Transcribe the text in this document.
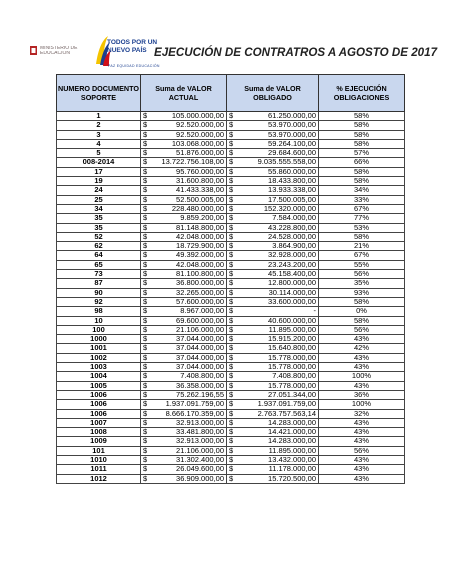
MINISTERIO DE
EDUCACIÓN
TODOS POR UN
NUEVO PAÍS
PAZ EQUIDAD EDUCACIÓN
EJECUCIÓN DE CONTRATROS A AGOSTO DE 2017
NUMERO DOCUMENTO SOPORTE	Suma de VALOR ACTUAL	Suma de VALOR OBLIGADO	% EJECUCIÓN OBLIGACIONES
1	$ 105.000.000,00	$ 61.250.000,00	58%
2	$ 92.520.000,00	$ 53.970.000,00	58%
3	$ 92.520.000,00	$ 53.970.000,00	58%
4	$ 103.068.000,00	$ 59.264.100,00	58%
5	$ 51.876.000,00	$ 29.684.600,00	57%
008-2014	$ 13.722.756.108,00	$ 9.035.555.558,00	66%
17	$ 95.760.000,00	$ 55.860.000,00	58%
19	$ 31.600.800,00	$ 18.433.800,00	58%
24	$ 41.433.338,00	$ 13.933.338,00	34%
25	$ 52.500.005,00	$ 17.500.005,00	33%
34	$ 228.480.000,00	$ 152.320.000,00	67%
35	$ 9.859.200,00	$ 7.584.000,00	77%
35	$ 81.148.800,00	$ 43.228.800,00	53%
52	$ 42.048.000,00	$ 24.528.000,00	58%
62	$ 18.729.900,00	$ 3.864.900,00	21%
64	$ 49.392.000,00	$ 32.928.000,00	67%
65	$ 42.048.000,00	$ 23.243.200,00	55%
73	$ 81.100.800,00	$ 45.158.400,00	56%
87	$ 36.800.000,00	$ 12.800.000,00	35%
90	$ 32.265.000,00	$ 30.114.000,00	93%
92	$ 57.600.000,00	$ 33.600.000,00	58%
98	$ 8.967.000,00	$ -	0%
10	$ 69.600.000,00	$ 40.600.000,00	58%
100	$ 21.106.000,00	$ 11.895.000,00	56%
1000	$ 37.044.000,00	$ 15.915.200,00	43%
1001	$ 37.044.000,00	$ 15.640.800,00	42%
1002	$ 37.044.000,00	$ 15.778.000,00	43%
1003	$ 37.044.000,00	$ 15.778.000,00	43%
1004	$ 7.408.800,00	$ 7.408.800,00	100%
1005	$ 36.358.000,00	$ 15.778.000,00	43%
1006	$ 75.262.196,55	$ 27.051.344,00	36%
1006	$ 1.937.091.759,00	$ 1.937.091.759,00	100%
1006	$ 8.666.170.359,00	$ 2.763.757.563,14	32%
1007	$ 32.913.000,00	$ 14.283.000,00	43%
1008	$ 33.481.800,00	$ 14.421.000,00	43%
1009	$ 32.913.000,00	$ 14.283.000,00	43%
101	$ 21.106.000,00	$ 11.895.000,00	56%
1010	$ 31.302.400,00	$ 13.432.000,00	43%
1011	$ 26.049.600,00	$ 11.178.000,00	43%
1012	$ 36.909.000,00	$ 15.720.500,00	43%
